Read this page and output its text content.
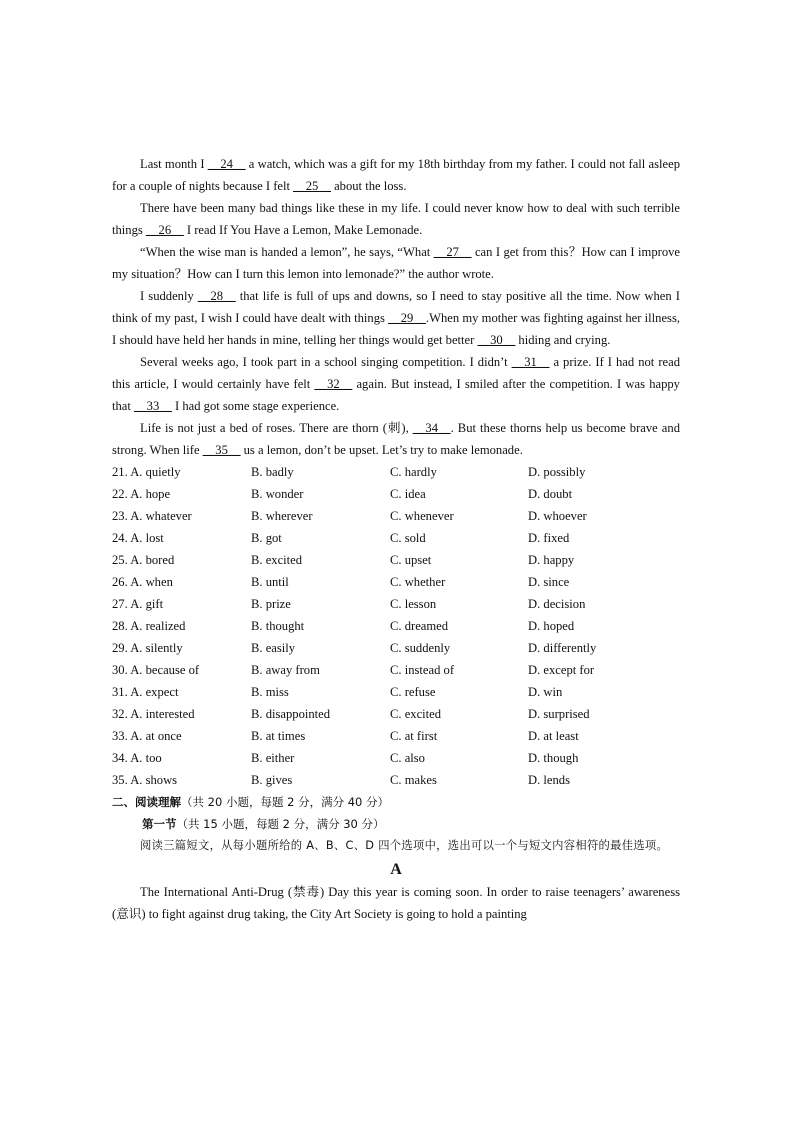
Last month I __24__ a watch, which was a gift for my 18th birthday from my father. I could not fall asleep for a couple of nights because I felt __25__ about the loss.

There have been many bad things like these in my life. I could never know how to deal with such terrible things __26__ I read If You Have a Lemon, Make Lemonade.

“When the wise man is handed a lemon”, he says, “What __27__ can I get from this？How can I improve my situation？How can I turn this lemon into lemonade?” the author wrote.

I suddenly __28__ that life is full of ups and downs, so I need to stay positive all the time. Now when I think of my past, I wish I could have dealt with things __29__.When my mother was fighting against her illness, I should have held her hands in mine, telling her things would get better __30__ hiding and crying.

Several weeks ago, I took part in a school singing competition. I didn’t __31__ a prize. If I had not read this article, I would certainly have felt __32__ again. But instead, I smiled after the competition. I was happy that __33__ I had got some stage experience.

Life is not just a bed of roses. There are thorn (刺), __34__. But these thorns help us become brave and strong. When life __35__ us a lemon, don’t be upset. Let’s try to make lemonade.

21. A. quietly	B. badly	C. hardly	D. possibly
22. A. hope	B. wonder	C. idea	D. doubt
23. A. whatever	B. wherever	C. whenever	D. whoever
24. A. lost	B. got	C. sold	D. fixed
25. A. bored	B. excited	C. upset	D. happy
26. A. when	B. until	C. whether	D. since
27. A. gift	B. prize	C. lesson	D. decision
28. A. realized	B. thought	C. dreamed	D. hoped
29. A. silently	B. easily	C. suddenly	D. differently
30. A. because of	B. away from	C. instead of	D. except for
31. A. expect	B. miss	C. refuse	D. win
32. A. interested	B. disappointed	C. excited	D. surprised
33. A. at once	B. at times	C. at first	D. at least
34. A. too	B. either	C. also	D. though
35. A. shows	B. gives	C. makes	D. lends

二、阅读理解（共 20 小题，每题 2 分，满分 40 分）

第一节（共 15 小题，每题 2 分，满分 30 分）

阅读三篇短文，从每小题所给的 A、B、C、D 四个选项中，选出可以一个与短文内容相符的最佳选项。

A

The International Anti-Drug (禁毒) Day this year is coming soon. In order to raise teenagers’ awareness (意识) to fight against drug taking, the City Art Society is going to hold a painting
